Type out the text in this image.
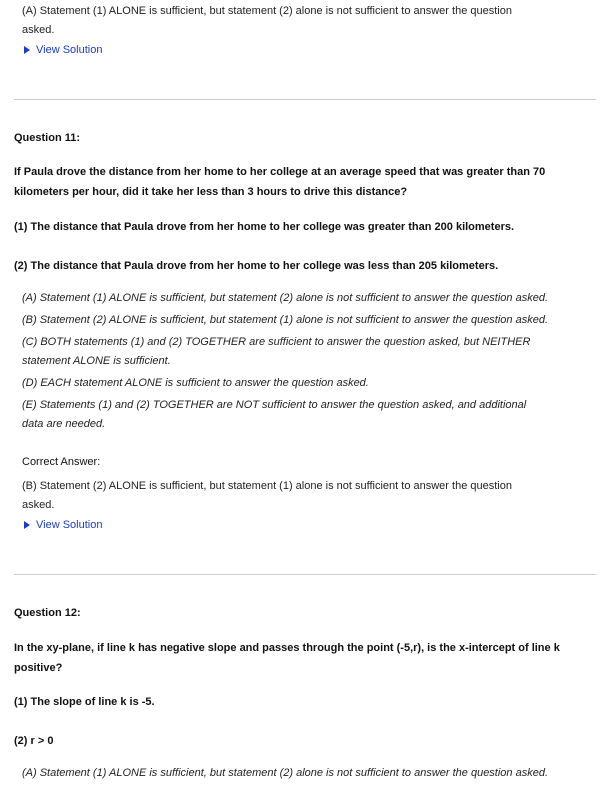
(A) Statement (1) ALONE is sufficient, but statement (2) alone is not sufficient to answer the question
asked.
View Solution
Question 11:
If Paula drove the distance from her home to her college at an average speed that was greater than 70
kilometers per hour, did it take her less than 3 hours to drive this distance?
(1) The distance that Paula drove from her home to her college was greater than 200 kilometers.
(2) The distance that Paula drove from her home to her college was less than 205 kilometers.
(A) Statement (1) ALONE is sufficient, but statement (2) alone is not sufficient to answer the question asked.
(B) Statement (2) ALONE is sufficient, but statement (1) alone is not sufficient to answer the question asked.
(C) BOTH statements (1) and (2) TOGETHER are sufficient to answer the question asked, but NEITHER
statement ALONE is sufficient.
(D) EACH statement ALONE is sufficient to answer the question asked.
(E) Statements (1) and (2) TOGETHER are NOT sufficient to answer the question asked, and additional
data are needed.
Correct Answer:
(B) Statement (2) ALONE is sufficient, but statement (1) alone is not sufficient to answer the question
asked.
View Solution
Question 12:
In the xy-plane, if line k has negative slope and passes through the point (-5,r), is the x-intercept of line k
positive?
(1) The slope of line k is -5.
(2) r > 0
(A) Statement (1) ALONE is sufficient, but statement (2) alone is not sufficient to answer the question asked.
